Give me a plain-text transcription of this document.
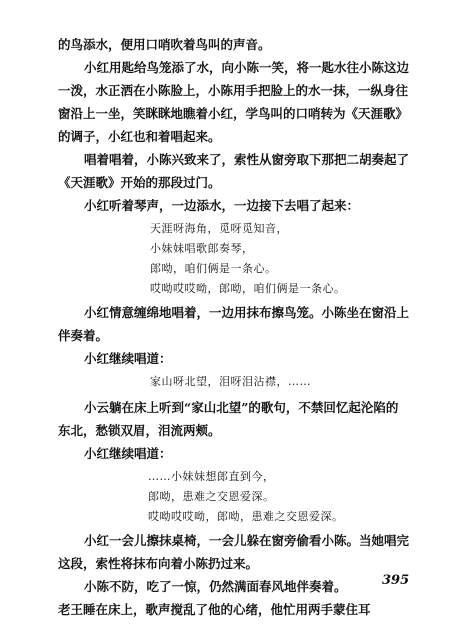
的鸟添水，便用口哨吹着鸟叫的声音。
小红用匙给鸟笼添了水，向小陈一笑，将一匙水往小陈这边
一泼，水正洒在小陈脸上，小陈用手把脸上的水一抹，一纵身往
窗沿上一坐，笑眯眯地瞧着小红，学鸟叫的口哨转为《天涯歌》
的调子，小红也和着唱起来。
唱着唱着，小陈兴致来了，索性从窗旁取下那把二胡奏起了
《天涯歌》开始的那段过门。
小红听着琴声，一边添水，一边接下去唱了起来：
天涯呀海角，觅呀觅知音，
小妹妹唱歌郎奏琴，
郎呦，咱们俩是一条心。
哎呦哎哎呦，郎呦，咱们俩是一条心。
小红情意缠绵地唱着，一边用抹布擦鸟笼。小陈坐在窗沿上
伴奏着。
小红继续唱道：
家山呀北望，泪呀泪沾襟，……
小云躺在床上听到“家山北望”的歌句，不禁回忆起沦陷的
东北，愁锁双眉，泪流两颊。
小红继续唱道：
……小妹妹想郎直到今，
郎呦，患难之交恩爱深。
哎呦哎哎呦，郎呦，患难之交恩爱深。
小红一会儿擦抹桌椅，一会儿躲在窗旁偷看小陈。当她唱完
这段，索性将抹布向着小陈扔过来。
小陈不防，吃了一惊，仍然满面春风地伴奏着。
老王睡在床上，歌声搅乱了他的心绪，他忙用两手蒙住耳
395
